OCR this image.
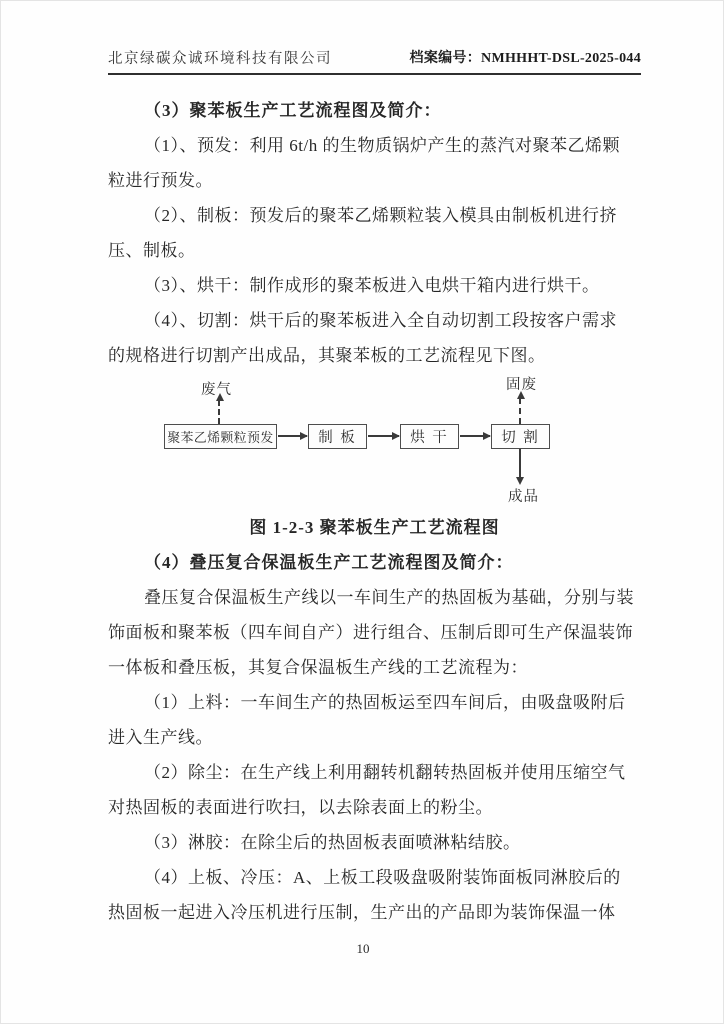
北京绿碳众诚环境科技有限公司	档案编号：NMHHHT-DSL-2025-044
（3）聚苯板生产工艺流程图及简介：
（1）、预发：利用 6t/h 的生物质锅炉产生的蒸汽对聚苯乙烯颗
粒进行预发。
（2）、制板：预发后的聚苯乙烯颗粒装入模具由制板机进行挤
压、制板。
（3）、烘干：制作成形的聚苯板进入电烘干箱内进行烘干。
（4）、切割：烘干后的聚苯板进入全自动切割工段按客户需求
的规格进行切割产出成品，其聚苯板的工艺流程见下图。
废气	固废
聚苯乙烯颗粒预发	制 板	烘 干	切 割
成品
图 1-2-3 聚苯板生产工艺流程图
（4）叠压复合保温板生产工艺流程图及简介：
叠压复合保温板生产线以一车间生产的热固板为基础，分别与装
饰面板和聚苯板（四车间自产）进行组合、压制后即可生产保温装饰
一体板和叠压板，其复合保温板生产线的工艺流程为：
（1）上料：一车间生产的热固板运至四车间后，由吸盘吸附后
进入生产线。
（2）除尘：在生产线上利用翻转机翻转热固板并使用压缩空气
对热固板的表面进行吹扫，以去除表面上的粉尘。
（3）淋胶：在除尘后的热固板表面喷淋粘结胶。
（4）上板、冷压：A、上板工段吸盘吸附装饰面板同淋胶后的
热固板一起进入冷压机进行压制，生产出的产品即为装饰保温一体
10
